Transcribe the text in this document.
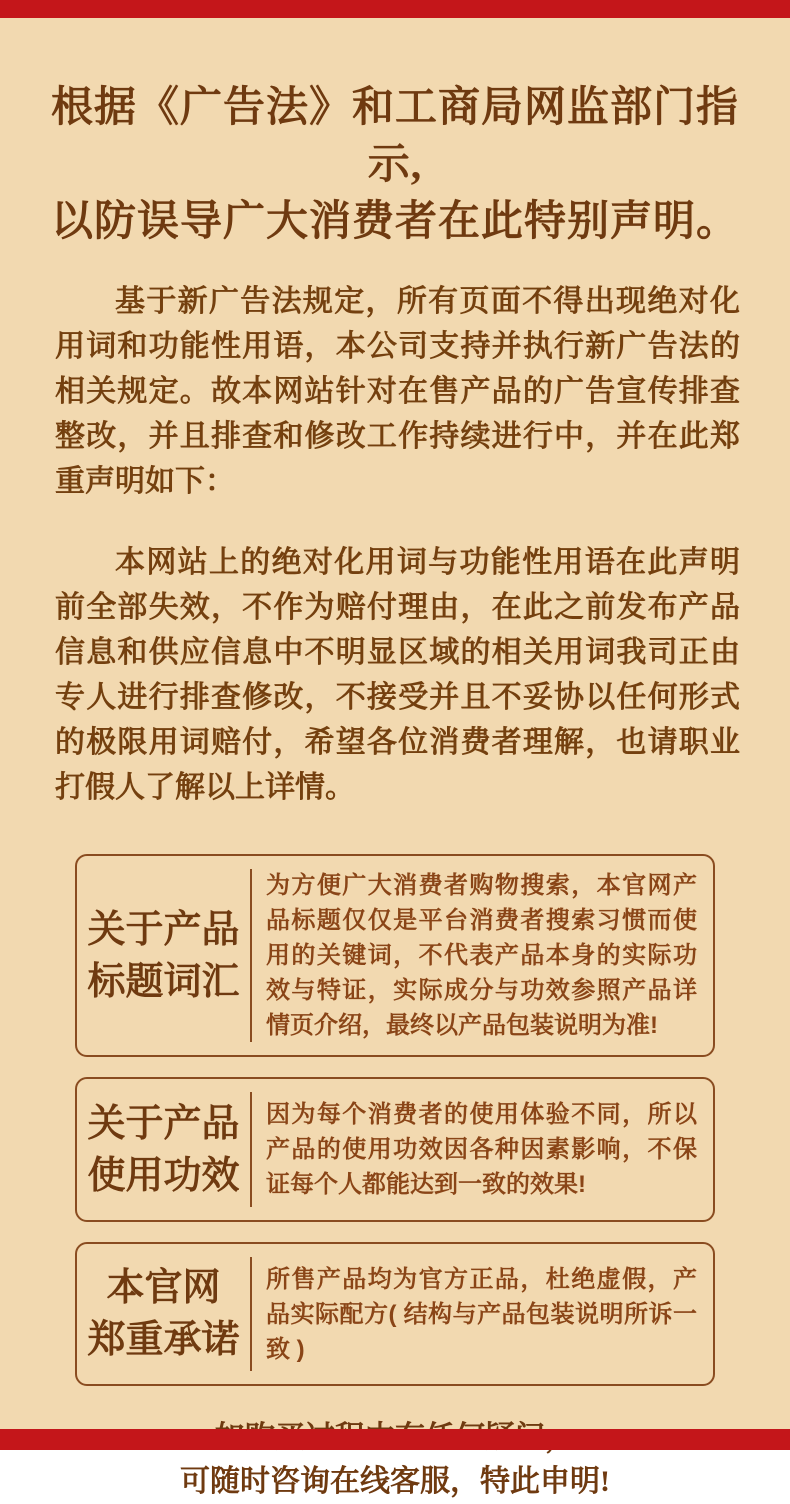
根据《广告法》和工商局网监部门指示,
以防误导广大消费者在此特别声明。

基于新广告法规定，所有页面不得出现绝对化用词和功能性用语，本公司支持并执行新广告法的相关规定。故本网站针对在售产品的广告宣传排查整改，并且排查和修改工作持续进行中，并在此郑重声明如下：

本网站上的绝对化用词与功能性用语在此声明前全部失效，不作为赔付理由，在此之前发布产品信息和供应信息中不明显区域的相关用词我司正由专人进行排查修改，不接受并且不妥协以任何形式的极限用词赔付，希望各位消费者理解，也请职业打假人了解以上详情。

关于产品
标题词汇
为方便广大消费者购物搜索，本官网产品标题仅仅是平台消费者搜索习惯而使用的关键词，不代表产品本身的实际功效与特证，实际成分与功效参照产品详情页介绍，最终以产品包装说明为准!
关于产品
使用功效
因为每个消费者的使用体验不同，所以产品的使用功效因各种因素影响，不保证每个人都能达到一致的效果!
本官网
郑重承诺
所售产品均为官方正品，杜绝虚假，产品实际配方( 结构与产品包装说明所诉一致 )
可随时咨询在线客服，特此申明!
